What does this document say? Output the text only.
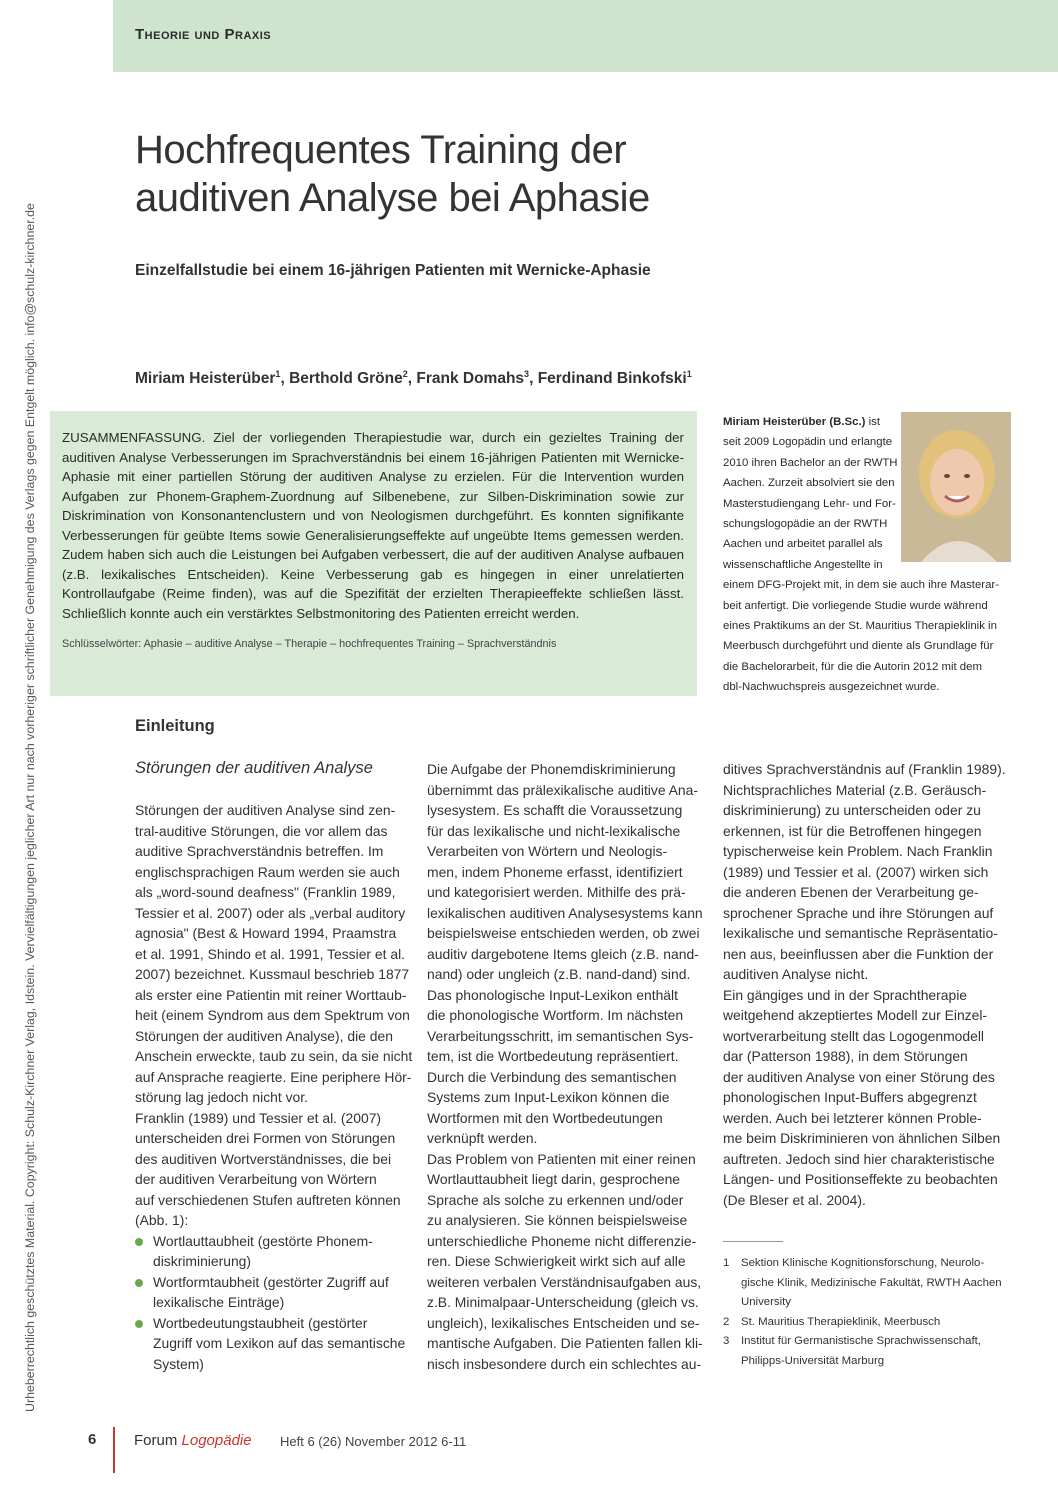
Theorie und Praxis
Urheberrechtlich geschütztes Material. Copyright: Schulz-Kirchner Verlag, Idstein. Vervielfältigungen jeglicher Art nur nach vorheriger schriftlicher Genehmigung des Verlags gegen Entgelt möglich. info@schulz-kirchner.de
Hochfrequentes Training der
auditiven Analyse bei Aphasie
Einzelfallstudie bei einem 16-jährigen Patienten mit Wernicke-Aphasie
Miriam Heisterüber$^1$, Berthold Gröne$^2$, Frank Domahs$^3$, Ferdinand Binkofski$^1$
ZUSAMMENFASSUNG. Ziel der vorliegenden Therapiestudie war, durch ein gezieltes Training der auditiven Analyse Verbesserungen im Sprachverständnis bei einem 16-jährigen Patienten mit Wernicke-Aphasie mit einer partiellen Störung der auditiven Analyse zu erzielen. Für die Intervention wurden Aufgaben zur Phonem-Graphem-Zuordnung auf Silbenebene, zur Silben-Diskrimination sowie zur Diskrimination von Konsonantenclustern und von Neologismen durchgeführt. Es konnten signifikante Verbesserungen für geübte Items sowie Generalisierungseffekte auf ungeübte Items gemessen werden. Zudem haben sich auch die Leistungen bei Aufgaben verbessert, die auf der auditiven Analyse aufbauen (z.B. lexikalisches Entscheiden). Keine Verbesserung gab es hingegen in einer unrelatierten Kontrollaufgabe (Reime finden), was auf die Spezifität der erzielten Therapieeffekte schließen lässt. Schließlich konnte auch ein verstärktes Selbstmonitoring des Patienten erreicht werden.
Schlüsselwörter: Aphasie – auditive Analyse – Therapie – hochfrequentes Training – Sprachverständnis
Miriam Heisterüber (B.Sc.) ist
seit 2009 Logopädin und erlangte
2010 ihren Bachelor an der RWTH
Aachen. Zurzeit absolviert sie den
Masterstudiengang Lehr- und For-
schungslogopädie an der RWTH
Aachen und arbeitet parallel als
wissenschaftliche Angestellte in
einem DFG-Projekt mit, in dem sie auch ihre Masterar-
beit anfertigt. Die vorliegende Studie wurde während
eines Praktikums an der St. Mauritius Therapieklinik in
Meerbusch durchgeführt und diente als Grundlage für
die Bachelorarbeit, für die die Autorin 2012 mit dem
dbl-Nachwuchspreis ausgezeichnet wurde.
Einleitung
Störungen der auditiven Analyse
Störungen der auditiven Analyse sind zen-
tral-auditive Störungen, die vor allem das
auditive Sprachverständnis betreffen. Im
englischsprachigen Raum werden sie auch
als „word-sound deafness" (Franklin 1989,
Tessier et al. 2007) oder als „verbal auditory
agnosia" (Best & Howard 1994, Praamstra
et al. 1991, Shindo et al. 1991, Tessier et al.
2007) bezeichnet. Kussmaul beschrieb 1877
als erster eine Patientin mit reiner Worttaub-
heit (einem Syndrom aus dem Spektrum von
Störungen der auditiven Analyse), die den
Anschein erweckte, taub zu sein, da sie nicht
auf Ansprache reagierte. Eine periphere Hör-
störung lag jedoch nicht vor.
Franklin (1989) und Tessier et al. (2007)
unterscheiden drei Formen von Störungen
des auditiven Wortverständnisses, die bei
der auditiven Verarbeitung von Wörtern
auf verschiedenen Stufen auftreten können
(Abb. 1):
Wortlauttaubheit (gestörte Phonem-
diskriminierung)
Wortformtaubheit (gestörter Zugriff auf
lexikalische Einträge)
Wortbedeutungstaubheit (gestörter
Zugriff vom Lexikon auf das semantische
System)
Die Aufgabe der Phonemdiskriminierung
übernimmt das prälexikalische auditive Ana-
lysesystem. Es schafft die Voraussetzung
für das lexikalische und nicht-lexikalische
Verarbeiten von Wörtern und Neologis-
men, indem Phoneme erfasst, identifiziert
und kategorisiert werden. Mithilfe des prä-
lexikalischen auditiven Analysesystems kann
beispielsweise entschieden werden, ob zwei
auditiv dargebotene Items gleich (z.B. nand-
nand) oder ungleich (z.B. nand-dand) sind.
Das phonologische Input-Lexikon enthält
die phonologische Wortform. Im nächsten
Verarbeitungsschritt, im semantischen Sys-
tem, ist die Wortbedeutung repräsentiert.
Durch die Verbindung des semantischen
Systems zum Input-Lexikon können die
Wortformen mit den Wortbedeutungen
verknüpft werden.
Das Problem von Patienten mit einer reinen
Wortlauttaubheit liegt darin, gesprochene
Sprache als solche zu erkennen und/oder
zu analysieren. Sie können beispielsweise
unterschiedliche Phoneme nicht differenzie-
ren. Diese Schwierigkeit wirkt sich auf alle
weiteren verbalen Verständnisaufgaben aus,
z.B. Minimalpaar-Unterscheidung (gleich vs.
ungleich), lexikalisches Entscheiden und se-
mantische Aufgaben. Die Patienten fallen kli-
nisch insbesondere durch ein schlechtes au-
ditives Sprachverständnis auf (Franklin 1989).
Nichtsprachliches Material (z.B. Geräusch-
diskriminierung) zu unterscheiden oder zu
erkennen, ist für die Betroffenen hingegen
typischerweise kein Problem. Nach Franklin
(1989) und Tessier et al. (2007) wirken sich
die anderen Ebenen der Verarbeitung ge-
sprochener Sprache und ihre Störungen auf
lexikalische und semantische Repräsentatio-
nen aus, beeinflussen aber die Funktion der
auditiven Analyse nicht.
Ein gängiges und in der Sprachtherapie
weitgehend akzeptiertes Modell zur Einzel-
wortverarbeitung stellt das Logogenmodell
dar (Patterson 1988), in dem Störungen
der auditiven Analyse von einer Störung des
phonologischen Input-Buffers abgegrenzt
werden. Auch bei letzterer können Proble-
me beim Diskriminieren von ähnlichen Silben
auftreten. Jedoch sind hier charakteristische
Längen- und Positionseffekte zu beobachten
(De Bleser et al. 2004).
1	Sektion Klinische Kognitionsforschung, Neurolo-
gische Klinik, Medizinische Fakultät, RWTH Aachen
University
2	St. Mauritius Therapieklinik, Meerbusch
3	Institut für Germanistische Sprachwissenschaft,
Philipps-Universität Marburg
6	Forum Logopädie Heft 6 (26) November 2012 6-11
